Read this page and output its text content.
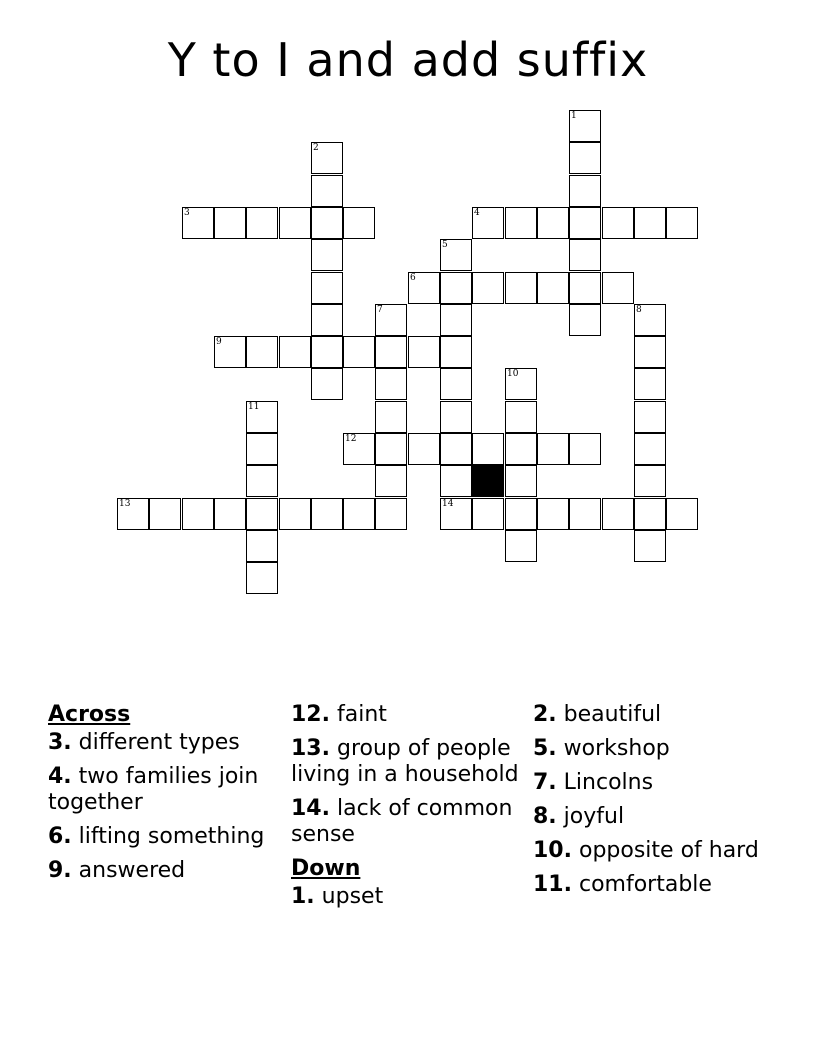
Y to I and add suffix
1
2
3	4
5
6
7	8
9
10
11
12
13	14
Across
3. different types
4. two families join together
6. lifting something
9. answered
12. faint
13. group of people living in a household
14. lack of common sense
Down
1. upset
2. beautiful
5. workshop
7. Lincolns
8. joyful
10. opposite of hard
11. comfortable
